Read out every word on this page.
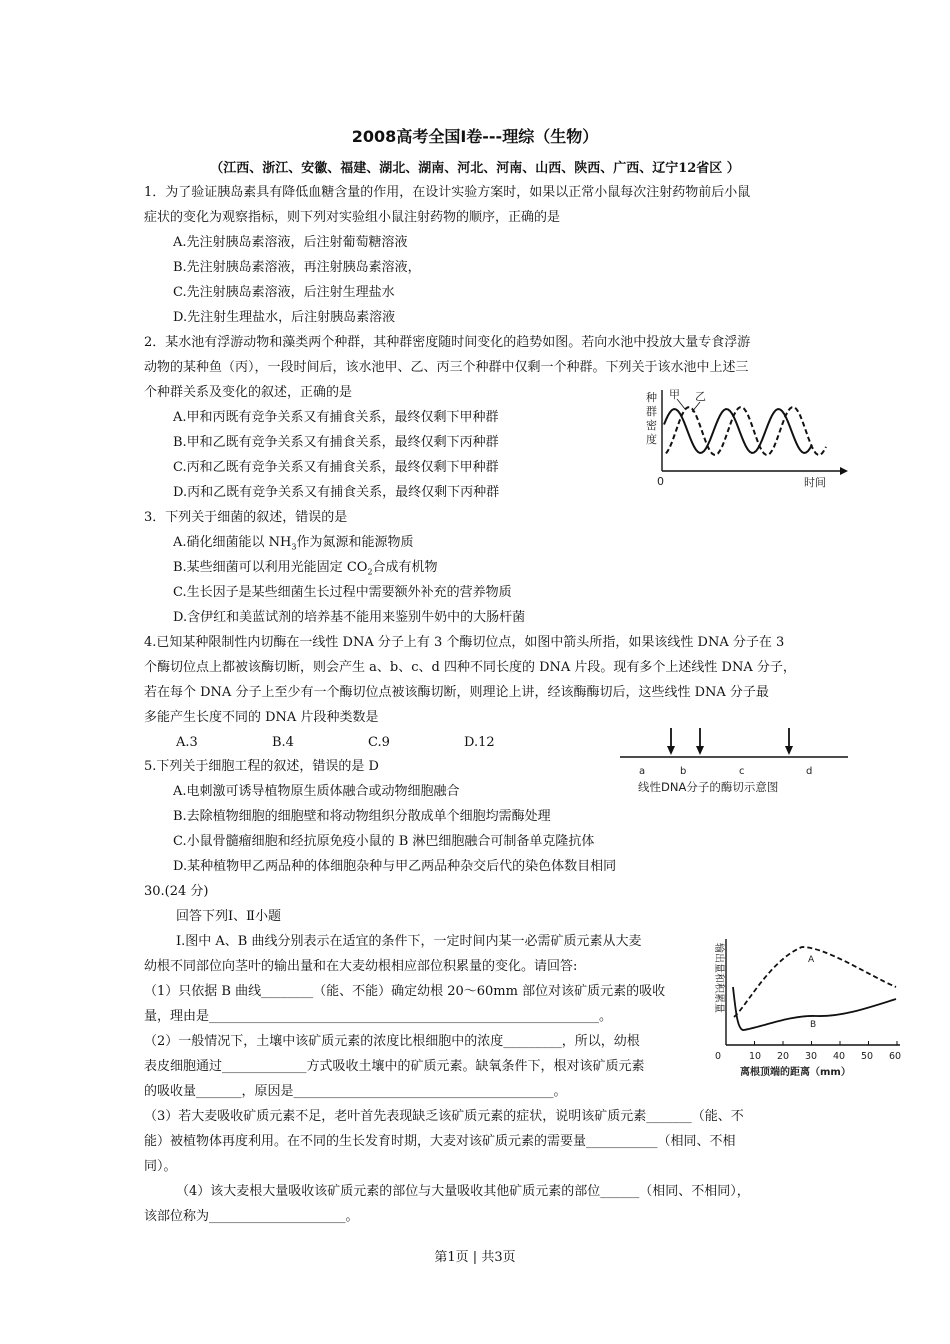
2008高考全国Ⅰ卷---理综（生物）
（江西、浙江、安徽、福建、湖北、湖南、河北、河南、山西、陕西、广西、辽宁12省区 ）
1．为了验证胰岛素具有降低血糖含量的作用，在设计实验方案时，如果以正常小鼠每次注射药物前后小鼠
症状的变化为观察指标，则下列对实验组小鼠注射药物的顺序，正确的是
A.先注射胰岛素溶液，后注射葡萄糖溶液
B.先注射胰岛素溶液，再注射胰岛素溶液，
C.先注射胰岛素溶液，后注射生理盐水
D.先注射生理盐水，后注射胰岛素溶液
2．某水池有浮游动物和藻类两个种群，其种群密度随时间变化的趋势如图。若向水池中投放大量专食浮游
动物的某种鱼（丙），一段时间后，该水池甲、乙、丙三个种群中仅剩一个种群。下列关于该水池中上述三
个种群关系及变化的叙述，正确的是
A.甲和丙既有竞争关系又有捕食关系，最终仅剩下甲种群
B.甲和乙既有竞争关系又有捕食关系，最终仅剩下丙种群
C.丙和乙既有竞争关系又有捕食关系，最终仅剩下甲种群
D.丙和乙既有竞争关系又有捕食关系，最终仅剩下丙种群
种
群
密
度
甲 乙
0	时间
3．下列关于细菌的叙述，错误的是
A.硝化细菌能以 $NH_3$作为氮源和能源物质
B.某些细菌可以利用光能固定 $CO_2$合成有机物
C.生长因子是某些细菌生长过程中需要额外补充的营养物质
D.含伊红和美蓝试剂的培养基不能用来鉴别牛奶中的大肠杆菌
4.已知某种限制性内切酶在一线性 DNA 分子上有 3 个酶切位点，如图中箭头所指，如果该线性 DNA 分子在 3
个酶切位点上都被该酶切断，则会产生 a、b、c、d 四种不同长度的 DNA 片段。现有多个上述线性 DNA 分子，
若在每个 DNA 分子上至少有一个酶切位点被该酶切断，则理论上讲，经该酶酶切后，这些线性 DNA 分子最
多能产生长度不同的 DNA 片段种类数是
A.3	B.4	C.9	D.12
a	b	c	d
线性DNA分子的酶切示意图
5.下列关于细胞工程的叙述，错误的是 D
A.电刺激可诱导植物原生质体融合或动物细胞融合
B.去除植物细胞的细胞壁和将动物组织分散成单个细胞均需酶处理
C.小鼠骨髓瘤细胞和经抗原免疫小鼠的 B 淋巴细胞融合可制备单克隆抗体
D.某种植物甲乙两品种的体细胞杂种与甲乙两品种杂交后代的染色体数目相同
30.(24 分)
回答下列Ⅰ、Ⅱ小题
Ⅰ.图中 A、B 曲线分别表示在适宜的条件下，一定时间内某一必需矿质元素从大麦
幼根不同部位向茎叶的输出量和在大麦幼根相应部位积累量的变化。请回答:
（1）只依据 B 曲线________（能、不能）确定幼根 20～60mm 部位对该矿质元素的吸收
量，理由是____________________________________________________________。
（2）一般情况下，土壤中该矿质元素的浓度比根细胞中的浓度_________，所以，幼根
表皮细胞通过_____________方式吸收土壤中的矿质元素。缺氧条件下，根对该矿质元素
的吸收量_______，原因是________________________________________。
（3）若大麦吸收矿质元素不足，老叶首先表现缺乏该矿质元素的症状，说明该矿质元素_______（能、不
能）被植物体再度利用。在不同的生长发育时期，大麦对该矿质元素的需要量___________（相同、不相
同）。
（4）该大麦根大量吸收该矿质元素的部位与大量吸收其他矿质元素的部位______（相同、不相同），
该部位称为_____________________。
输出量和积累量
0	10 20 30 40 50 60
离根顶端的距离（mm）
A
B
第1页 | 共3页
